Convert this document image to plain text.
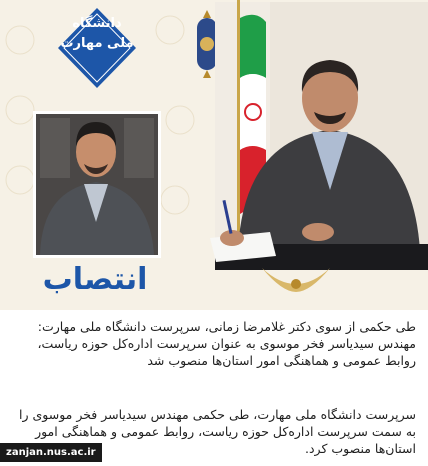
دانشگاه ملی مهارت
انتصاب

طی حکمی از سوی دکتر غلامرضا زمانی، سرپرست دانشگاه ملی مهارت: مهندس سیدیاسر فخر موسوی به عنوان سرپرست اداره‌کل حوزه ریاست، روابط عمومی و هماهنگی امور استان‌ها منصوب شد

سرپرست دانشگاه ملی مهارت، طی حکمی مهندس سیدیاسر فخر موسوی را به سمت سرپرست اداره‌کل حوزه ریاست، روابط عمومی و هماهنگی امور استان‌ها منصوب کرد.

zanjan.nus.ac.ir
